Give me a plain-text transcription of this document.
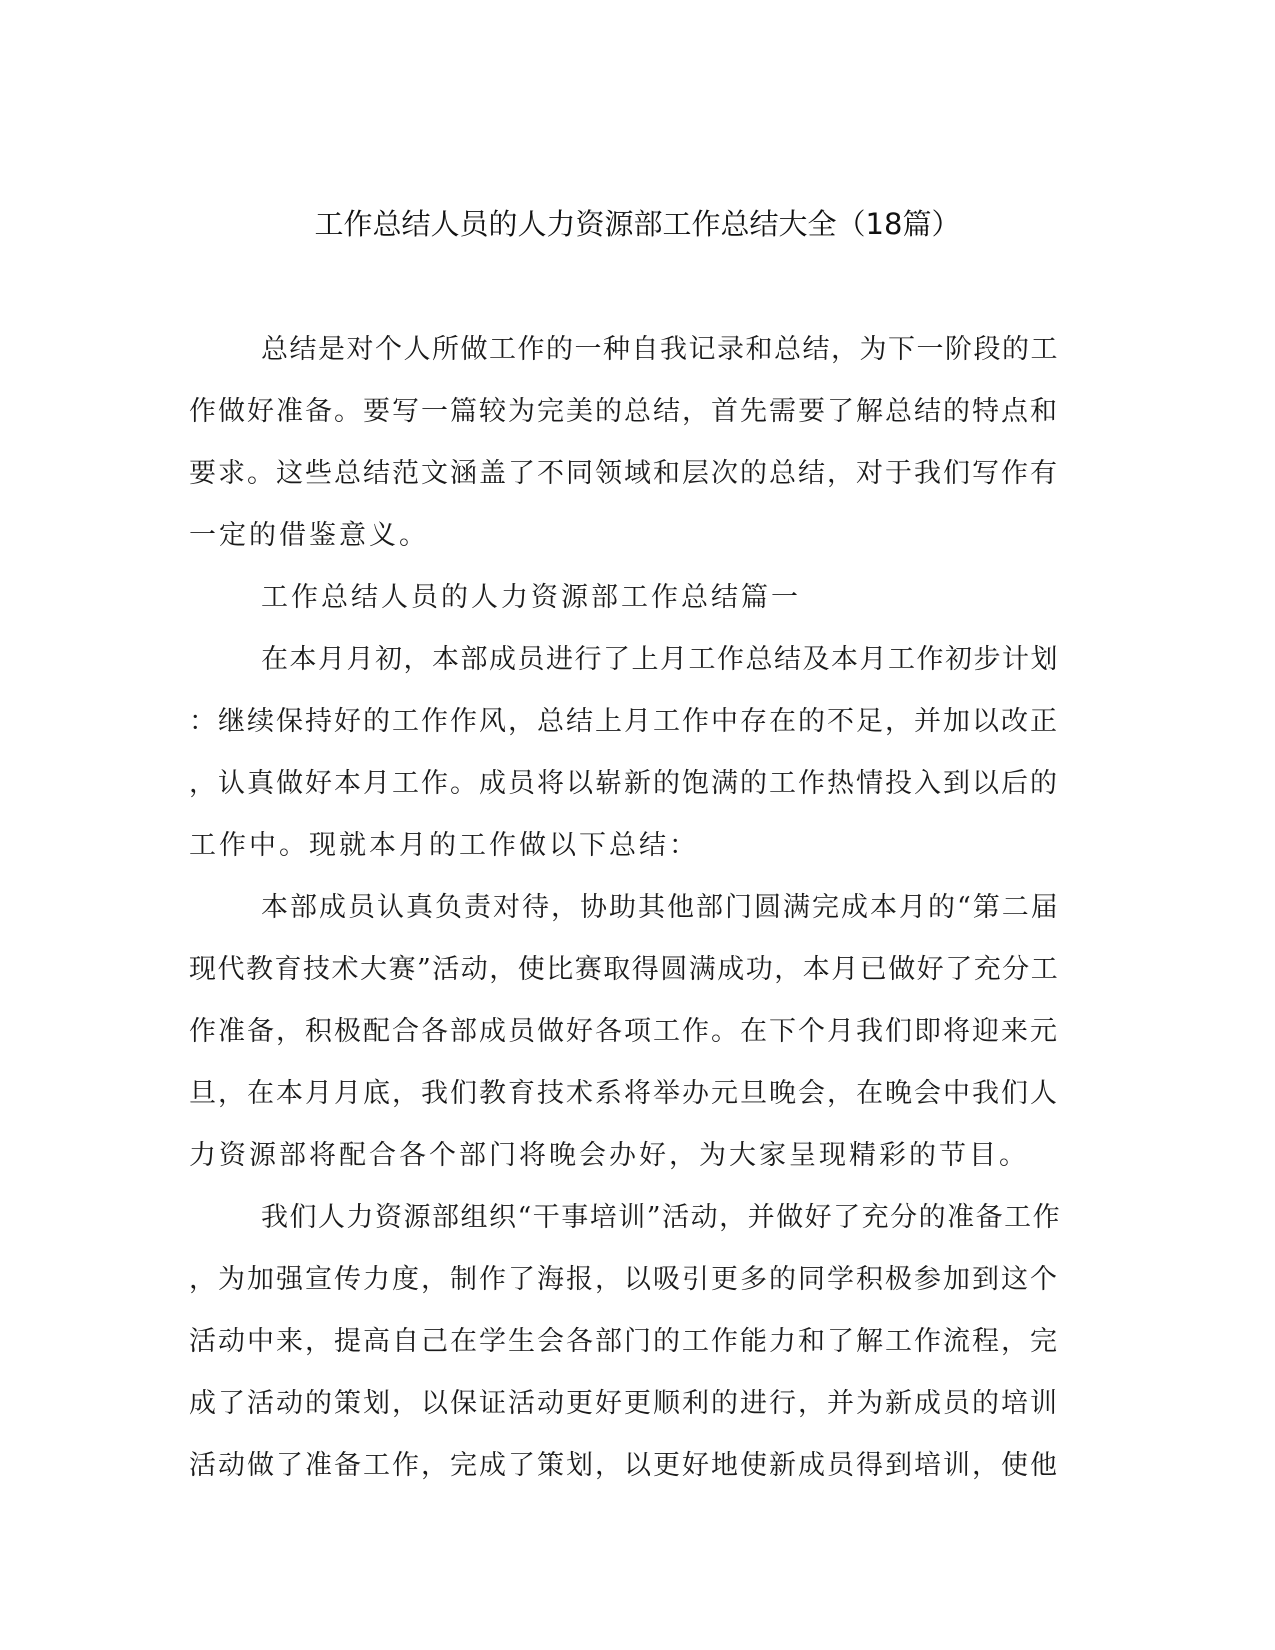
工作总结人员的人力资源部工作总结大全（18篇）
总结是对个人所做工作的一种自我记录和总结，为下一阶段的工
作做好准备。要写一篇较为完美的总结，首先需要了解总结的特点和
要求。这些总结范文涵盖了不同领域和层次的总结，对于我们写作有
一定的借鉴意义。
工作总结人员的人力资源部工作总结篇一
在本月月初，本部成员进行了上月工作总结及本月工作初步计划
：继续保持好的工作作风，总结上月工作中存在的不足，并加以改正
，认真做好本月工作。成员将以崭新的饱满的工作热情投入到以后的
工作中。现就本月的工作做以下总结：
本部成员认真负责对待，协助其他部门圆满完成本月的“第二届
现代教育技术大赛”活动，使比赛取得圆满成功，本月已做好了充分工
作准备，积极配合各部成员做好各项工作。在下个月我们即将迎来元
旦，在本月月底，我们教育技术系将举办元旦晚会，在晚会中我们人
力资源部将配合各个部门将晚会办好，为大家呈现精彩的节目。
我们人力资源部组织“干事培训”活动，并做好了充分的准备工作
，为加强宣传力度，制作了海报，以吸引更多的同学积极参加到这个
活动中来，提高自己在学生会各部门的工作能力和了解工作流程，完
成了活动的策划，以保证活动更好更顺利的进行，并为新成员的培训
活动做了准备工作，完成了策划，以更好地使新成员得到培训，使他
